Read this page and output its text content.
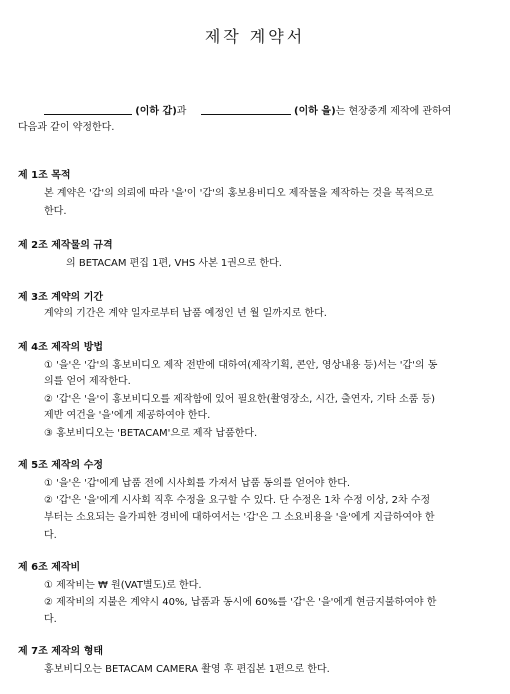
제작 계약서
(이하 갑)과	(이하 을)는 현장중계 제작에 관하여
다음과 같이 약정한다.
제 1조 목적
본 계약은 '갑'의 의뢰에 따라 '을'이 '갑'의 홍보용비디오 제작물을 제작하는 것을 목적으로
한다.
제 2조 제작물의 규격
의 BETACAM 편집 1편, VHS 사본 1권으로 한다.
제 3조 계약의 기간
계약의 기간은 계약 일자로부터 납품 예정인 년 월 일까지로 한다.
제 4조 제작의 방법
① '을'은 '갑'의 홍보비디오 제작 전반에 대하여(제작기획, 콘안, 영상내용 등)서는 '갑'의 동
의를 얻어 제작한다.
② '갑'은 '을'이 홍보비디오를 제작함에 있어 필요한(촬영장소, 시간, 출연자, 기타 소품 등)
제반 여건을 '을'에게 제공하여야 한다.
③ 홍보비디오는 'BETACAM'으로 제작 납품한다.
제 5조 제작의 수정
① '을'은 '갑'에게 납품 전에 시사회를 가져서 납품 동의를 얻어야 한다.
② '갑'은 '을'에게 시사회 직후 수정을 요구할 수 있다. 단 수정은 1차 수정 이상, 2차 수정
부터는 소요되는 을가피한 경비에 대하여서는 '갑'은 그 소요비용을 '을'에게 지급하여야 한
다.
제 6조 제작비
① 제작비는 ₩ 원(VAT별도)로 한다.
② 제작비의 지불은 계약시 40%, 납품과 동시에 60%를 '갑'은 '을'에게 현금지불하여야 한
다.
제 7조 제작의 형태
홍보비디오는 BETACAM CAMERA 촬영 후 편집본 1편으로 한다.
